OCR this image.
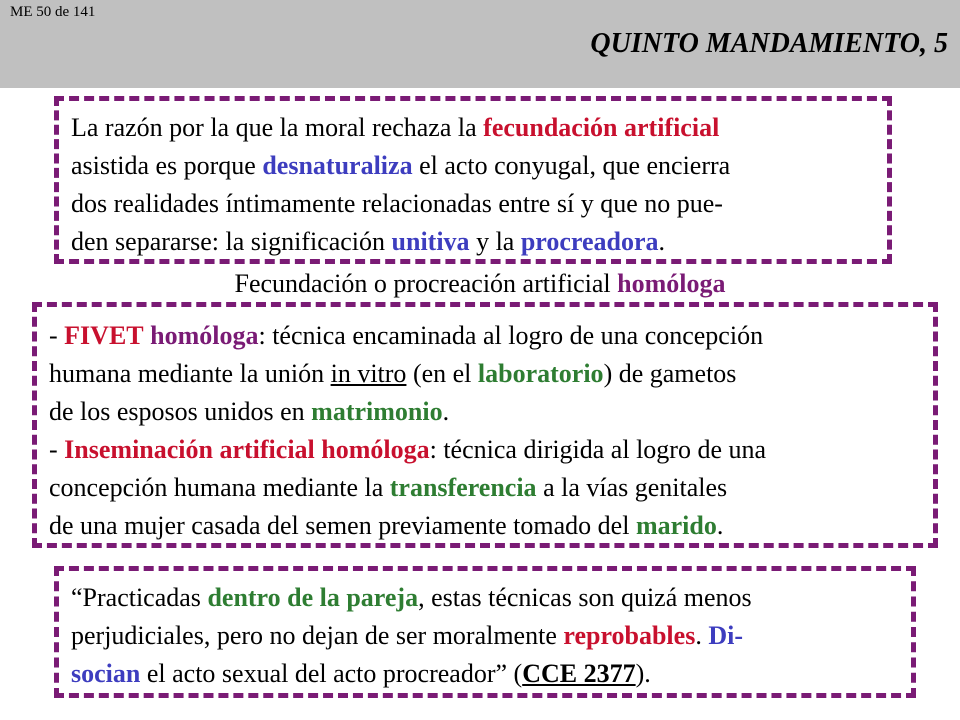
ME 50 de 141
QUINTO MANDAMIENTO, 5
La razón por la que la moral rechaza la fecundación artificial
asistida es porque desnaturaliza el acto conyugal, que encierra
dos realidades íntimamente relacionadas entre sí y que no pue-
den separarse: la significación unitiva y la procreadora.
Fecundación o procreación artificial homóloga
- FIVET homóloga: técnica encaminada al logro de una concepción
humana mediante la unión in vitro (en el laboratorio) de gametos
de los esposos unidos en matrimonio.
- Inseminación artificial homóloga: técnica dirigida al logro de una
concepción humana mediante la transferencia a la vías genitales
de una mujer casada del semen previamente tomado del marido.
“Practicadas dentro de la pareja, estas técnicas son quizá menos
perjudiciales, pero no dejan de ser moralmente reprobables. Di-
socian el acto sexual del acto procreador” (CCE 2377).
